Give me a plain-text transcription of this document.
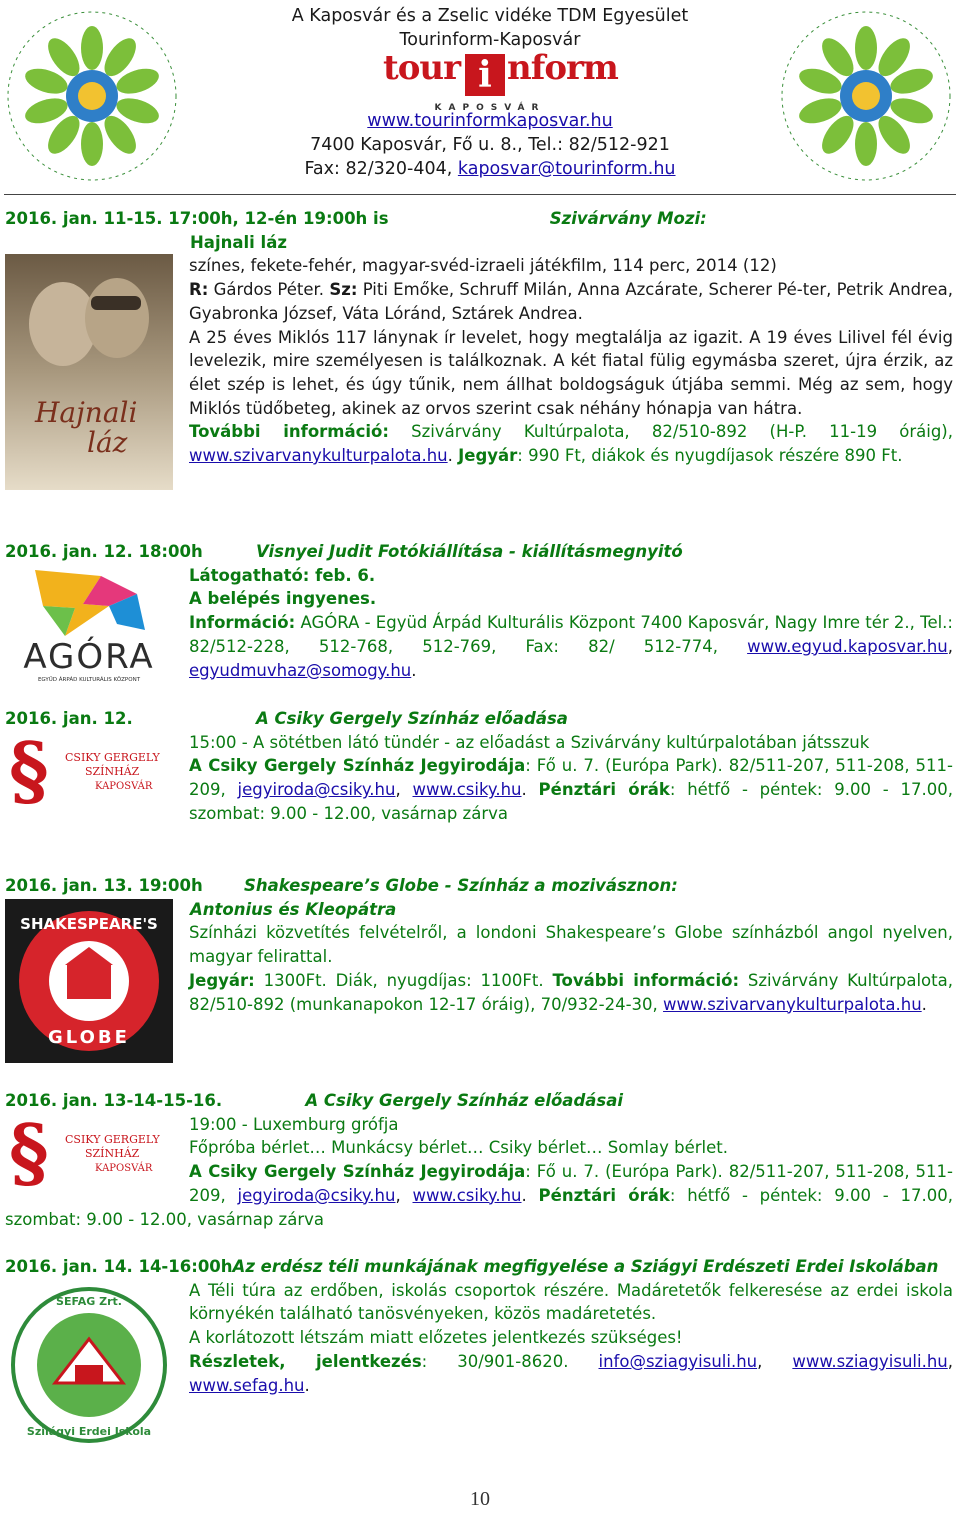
A Kaposvár és a Zselic vidéke TDM Egyesület
Tourinform-Kaposvár
tour i nform
KAPOSVÁR
www.tourinformkaposvar.hu
7400 Kaposvár, Fő u. 8., Tel.: 82/512-921
Fax: 82/320-404, kaposvar@tourinform.hu
2016. jan. 11-15. 17:00h, 12-én 19:00h is	Szivárvány Mozi:
Hajnali láz
Hajnali
láz

színes, fekete-fehér, magyar-svéd-izraeli játékfilm, 114 perc, 2014 (12)
R: Gárdos Péter. Sz: Piti Emőke, Schruff Milán, Anna Azcárate, Scherer Pé-ter, Petrik Andrea, Gyabronka József, Váta Lóránd, Sztárek Andrea.
A 25 éves Miklós 117 lánynak ír levelet, hogy megtalálja az igazit. A 19 éves Lilivel fél évig levelezik, mire személyesen is találkoznak. A két fiatal fülig egymásba szeret, újra érzik, az élet szép is lehet, és úgy tűnik, nem állhat boldogságuk útjába semmi. Még az sem, hogy Miklós tüdőbeteg, akinek az orvos szerint csak néhány hónapja van hátra.
További információ: Szivárvány Kultúrpalota, 82/510-892 (H-P. 11-19 óráig), www.szivarvanykulturpalota.hu. Jegyár: 990 Ft, diákok és nyugdíjasok részére 890 Ft.

2016. jan. 12. 18:00h	Visnyei Judit Fotókiállítása - kiállításmegnyitó
AGÓRA
EGYÜD ÁRPÁD KULTURÁLIS KÖZPONT

Látogatható: feb. 6.
A belépés ingyenes.
Információ: AGÓRA - Együd Árpád Kulturális Központ 7400 Kaposvár, Nagy Imre tér 2., Tel.: 82/512-228, 512-768, 512-769, Fax: 82/ 512-774, www.egyud.kaposvar.hu, egyudmuvhaz@somogy.hu.

2016. jan. 12.	A Csiky Gergely Színház előadása
§ CSIKY GERGELY
SZÍNHÁZ
KAPOSVÁR

15:00 - A sötétben látó tündér - az előadást a Szivárvány kultúrpalotában játsszuk
A Csiky Gergely Színház Jegyirodája: Fő u. 7. (Európa Park). 82/511-207, 511-208, 511-209, jegyiroda@csiky.hu, www.csiky.hu. Pénztári órák: hétfő - péntek: 9.00 - 17.00, szombat: 9.00 - 12.00, vasárnap zárva

2016. jan. 13. 19:00h	Shakespeare’s Globe - Színház a mozivásznon:
Antonius és Kleopátra
SHAKESPEARE'S
GLOBE

Színházi közvetítés felvételről, a londoni Shakespeare’s Globe színházból angol nyelven, magyar felirattal.
Jegyár: 1300Ft. Diák, nyugdíjas: 1100Ft. További információ: Szivárvány Kultúrpalota, 82/510-892 (munkanapokon 12-17 óráig), 70/932-24-30, www.szivarvanykulturpalota.hu.

2016. jan. 13-14-15-16.	A Csiky Gergely Színház előadásai
§ CSIKY GERGELY
SZÍNHÁZ
KAPOSVÁR

19:00 - Luxemburg grófja
Főpróba bérlet… Munkácsy bérlet… Csiky bérlet… Somlay bérlet.
A Csiky Gergely Színház Jegyirodája: Fő u. 7. (Európa Park). 82/511-207, 511-208, 511-209, jegyiroda@csiky.hu, www.csiky.hu. Pénztári órák: hétfő - péntek: 9.00 - 17.00, szombat: 9.00 - 12.00, vasárnap zárva

2016. jan. 14. 14-16:00hAz erdész téli munkájának megfigyelése a Sziágyi Erdészeti Erdei Iskolában

SEFAG Zrt.
Szilágyi Erdei Iskola

A Téli túra az erdőben, iskolás csoportok részére. Madáretetők felkeresése az erdei iskola környékén található tanösvényeken, közös madáretetés.
A korlátozott létszám miatt előzetes jelentkezés szükséges!
Részletek, jelentkezés: 30/901-8620. info@sziagyisuli.hu, www.sziagyisuli.hu, www.sefag.hu.

10
